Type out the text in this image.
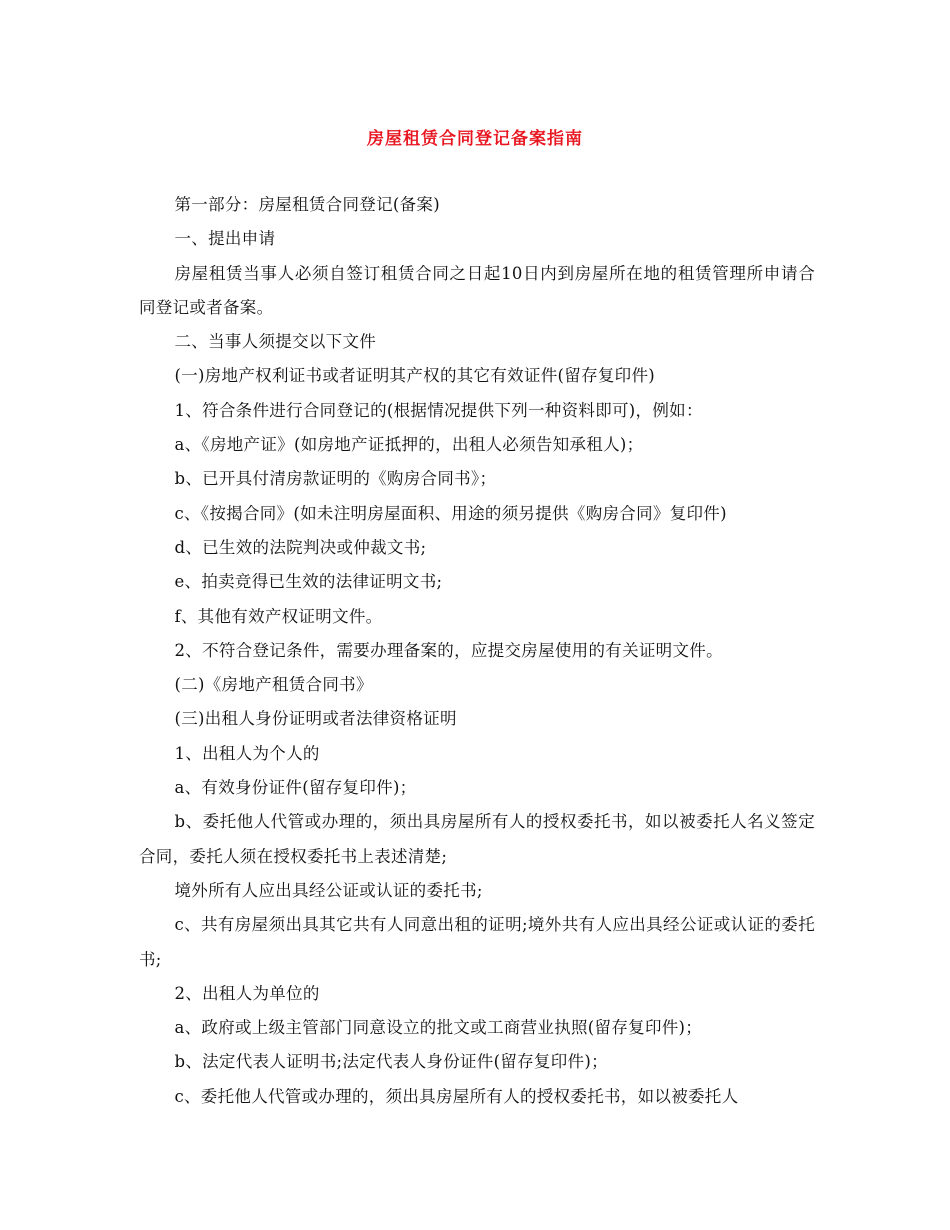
房屋租赁合同登记备案指南

第一部分：房屋租赁合同登记(备案)

一、提出申请

房屋租赁当事人必须自签订租赁合同之日起10日内到房屋所在地的租赁管理所申请合同登记或者备案。

二、当事人须提交以下文件

(一)房地产权利证书或者证明其产权的其它有效证件(留存复印件)

1、符合条件进行合同登记的(根据情况提供下列一种资料即可)，例如：

a、《房地产证》(如房地产证抵押的，出租人必须告知承租人)；

b、已开具付清房款证明的《购房合同书》；

c、《按揭合同》(如未注明房屋面积、用途的须另提供《购房合同》复印件)

d、已生效的法院判决或仲裁文书;

e、拍卖竞得已生效的法律证明文书;

f、其他有效产权证明文件。

2、不符合登记条件，需要办理备案的，应提交房屋使用的有关证明文件。

(二)《房地产租赁合同书》

(三)出租人身份证明或者法律资格证明

1、出租人为个人的

a、有效身份证件(留存复印件)；

b、委托他人代管或办理的，须出具房屋所有人的授权委托书，如以被委托人名义签定合同，委托人须在授权委托书上表述清楚;

境外所有人应出具经公证或认证的委托书;

c、共有房屋须出具其它共有人同意出租的证明;境外共有人应出具经公证或认证的委托书;

2、出租人为单位的

a、政府或上级主管部门同意设立的批文或工商营业执照(留存复印件)；

b、法定代表人证明书;法定代表人身份证件(留存复印件)；

c、委托他人代管或办理的，须出具房屋所有人的授权委托书，如以被委托人
